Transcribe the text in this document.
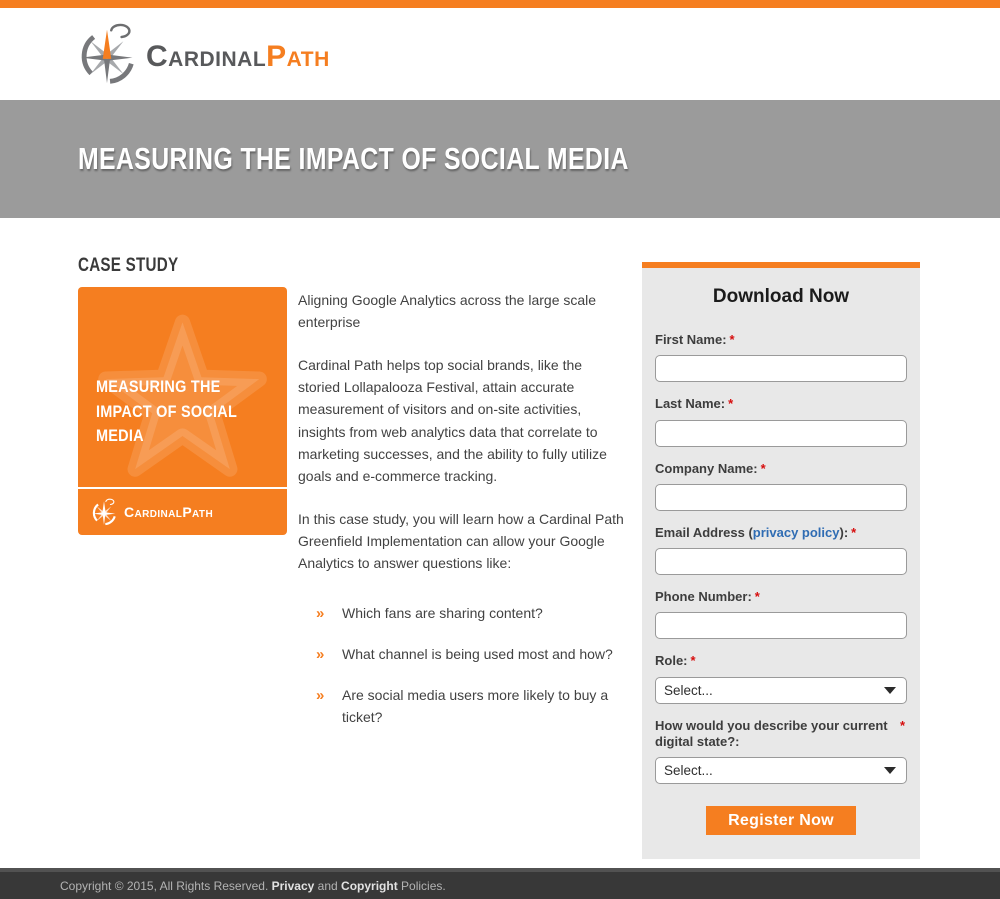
CardinalPath
MEASURING THE IMPACT OF SOCIAL MEDIA
CASE STUDY
MEASURING THE
IMPACT OF SOCIAL
MEDIA
CardinalPath

Aligning Google Analytics across the large scale enterprise

Cardinal Path helps top social brands, like the storied Lollapalooza Festival, attain accurate measurement of visitors and on-site activities, insights from web analytics data that correlate to marketing successes, and the ability to fully utilize goals and e-commerce tracking.

In this case study, you will learn how a Cardinal Path Greenfield Implementation can allow your Google Analytics to answer questions like:

»	Which fans are sharing content?
»	What channel is being used most and how?
»	Are social media users more likely to buy a ticket?
Download Now
First Name: *
Last Name: *
Company Name: *
Email Address (privacy policy): *
Phone Number: *
Role: *
Select...
How would you describe your current digital state?:
*
Select...
Register Now

Copyright © 2015, All Rights Reserved. Privacy and Copyright Policies.
